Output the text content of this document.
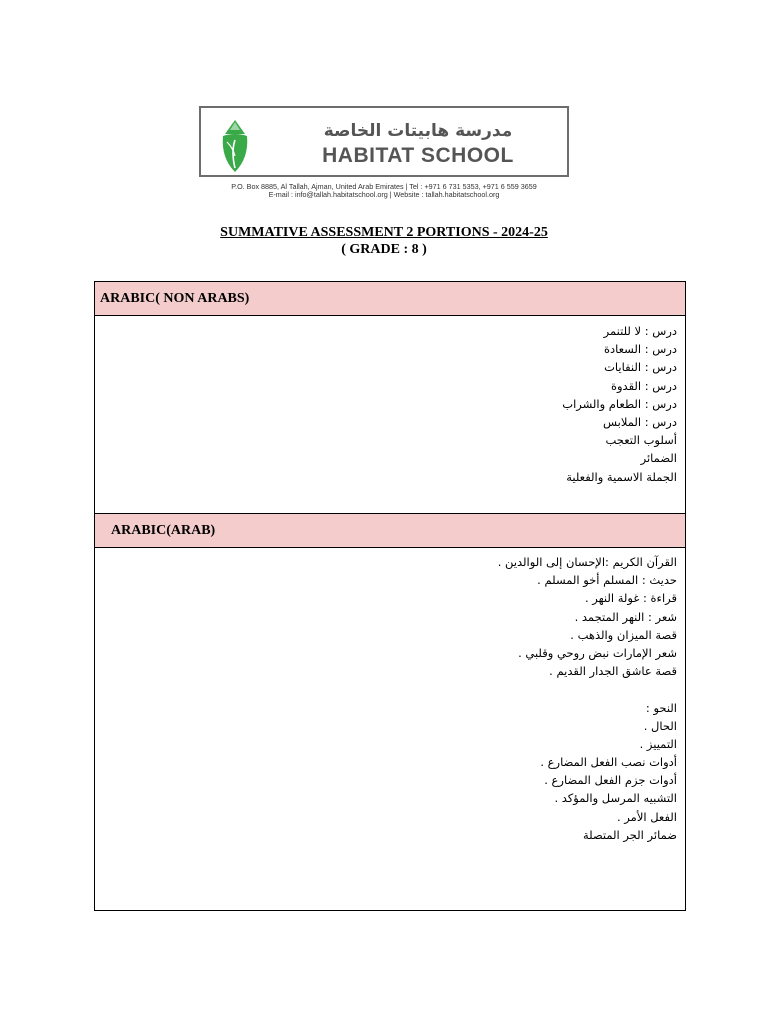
مدرسة هابيتات الخاصة
HABITAT SCHOOL
P.O. Box 8885, Al Tallah, Ajman, United Arab Emirates | Tel : +971 6 731 5353, +971 6 559 3659
E-mail : info@tallah.habitatschool.org | Website : tallah.habitatschool.org
SUMMATIVE ASSESSMENT 2 PORTIONS - 2024-25
( GRADE : 8 )
ARABIC( NON ARABS)
درس : لا للتنمر
درس : السعادة
درس : النفايات
درس : القدوة
درس : الطعام والشراب
درس : الملابس
أسلوب التعجب
الضمائر
الجملة الاسمية والفعلية
ARABIC(ARAB)
القرآن الكريم :الإحسان إلى الوالدين .
حديث : المسلم أخو المسلم .
قراءة : غولة النهر .
شعر : النهر المتجمد .
قصة الميزان والذهب .
شعر الإمارات نبض روحي وقلبي .
قصة عاشق الجدار القديم .
النحو :
الحال .
التمييز .
أدوات نصب الفعل المضارع .
أدوات جزم الفعل المضارع .
التشبيه المرسل والمؤكد .
الفعل الأمر .
ضمائر الجر المتصلة
